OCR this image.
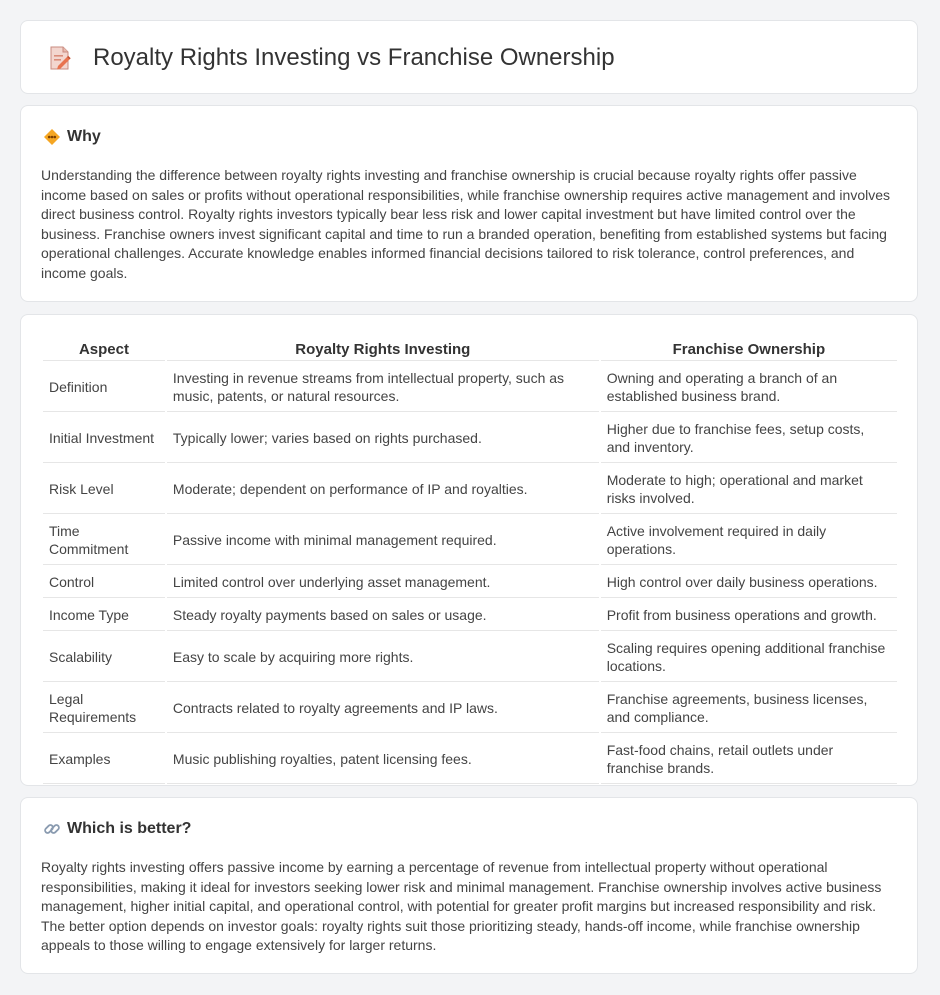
Royalty Rights Investing vs Franchise Ownership
Why

Understanding the difference between royalty rights investing and franchise ownership is crucial because royalty rights offer passive income based on sales or profits without operational responsibilities, while franchise ownership requires active management and involves direct business control. Royalty rights investors typically bear less risk and lower capital investment but have limited control over the business. Franchise owners invest significant capital and time to run a branded operation, benefiting from established systems but facing operational challenges. Accurate knowledge enables informed financial decisions tailored to risk tolerance, control preferences, and income goals.

Aspect	Royalty Rights Investing	Franchise Ownership
Definition	Investing in revenue streams from intellectual property, such as music, patents, or natural resources.	Owning and operating a branch of an established business brand.
Initial Investment	Typically lower; varies based on rights purchased.	Higher due to franchise fees, setup costs, and inventory.
Risk Level	Moderate; dependent on performance of IP and royalties.	Moderate to high; operational and market risks involved.
Time Commitment	Passive income with minimal management required.	Active involvement required in daily operations.
Control	Limited control over underlying asset management.	High control over daily business operations.
Income Type	Steady royalty payments based on sales or usage.	Profit from business operations and growth.
Scalability	Easy to scale by acquiring more rights.	Scaling requires opening additional franchise locations.
Legal Requirements	Contracts related to royalty agreements and IP laws.	Franchise agreements, business licenses, and compliance.
Examples	Music publishing royalties, patent licensing fees.	Fast-food chains, retail outlets under franchise brands.
Which is better?

Royalty rights investing offers passive income by earning a percentage of revenue from intellectual property without operational responsibilities, making it ideal for investors seeking lower risk and minimal management. Franchise ownership involves active business management, higher initial capital, and operational control, with potential for greater profit margins but increased responsibility and risk. The better option depends on investor goals: royalty rights suit those prioritizing steady, hands-off income, while franchise ownership appeals to those willing to engage extensively for larger returns.
